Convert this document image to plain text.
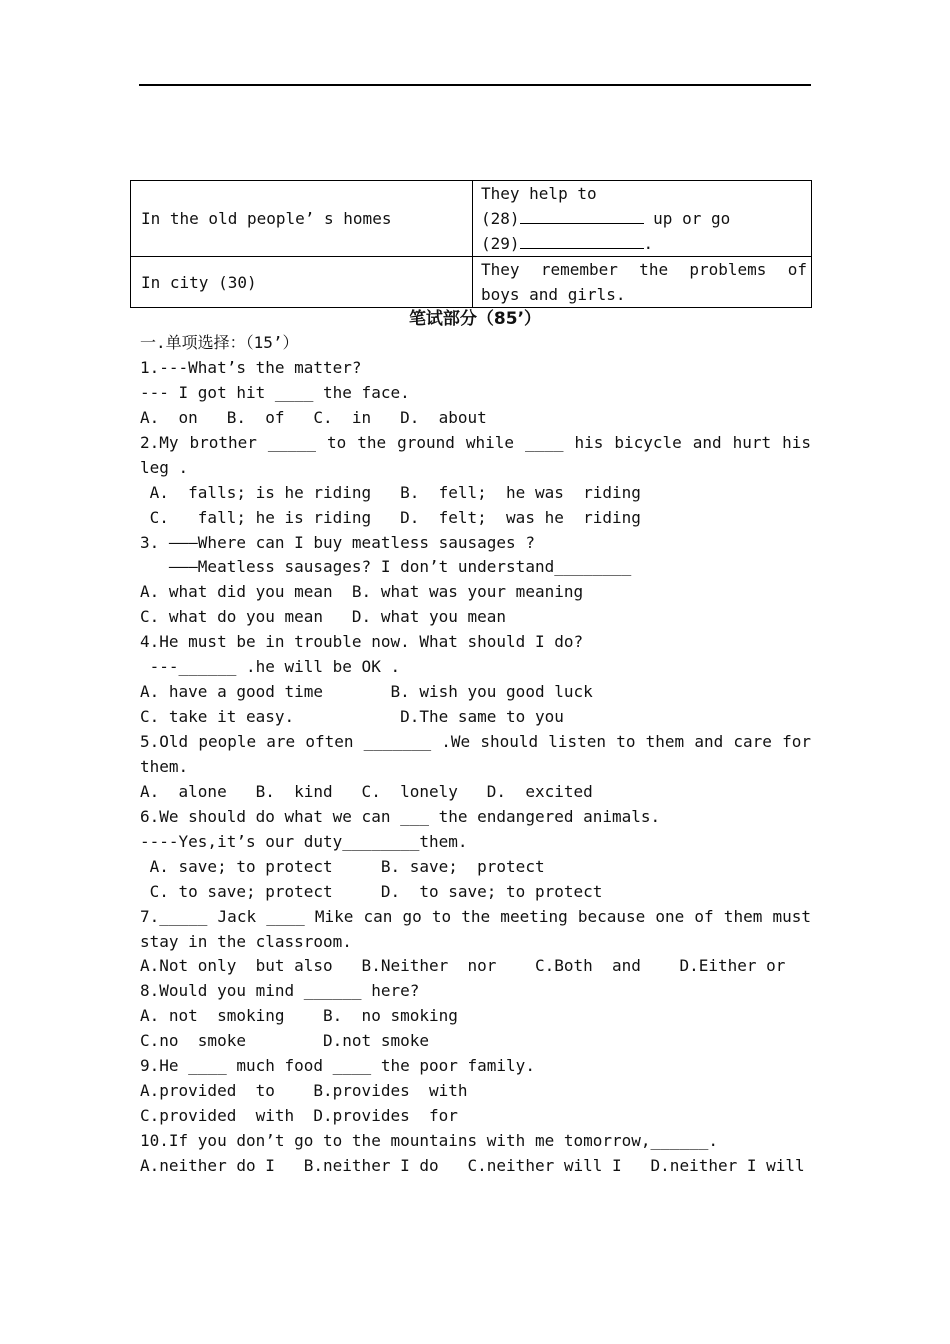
In the old people’ s homes	They help to
(28) up or go
(29) .

In city (30)	They remember the problems of
boys and girls.
笔试部分（85’）
一.单项选择：（15’）
1.---What’s the matter?
--- I got hit ____ the face.
A.  on   B.  of   C.  in   D.  about
2.My brother _____ to the ground while ____ his bicycle and hurt his
leg .
A.  falls; is he riding   B.  fell;  he was  riding
C.   fall; he is riding   D.  felt;  was he  riding
3. ———Where can I buy meatless sausages ?
———Meatless sausages? I don’t understand________
A. what did you mean  B. what was your meaning
C. what do you mean   D. what you mean
4.He must be in trouble now. What should I do?
---______ .he will be OK .
A. have a good time       B. wish you good luck
C. take it easy.           D.The same to you
5.Old people are often _______ .We should listen to them and care for
them.
A.  alone   B.  kind   C.  lonely   D.  excited
6.We should do what we can ___ the endangered animals.
----Yes,it’s our duty________them.
A. save; to protect     B. save;  protect
C. to save; protect     D.  to save; to protect
7._____ Jack ____ Mike can go to the meeting because one of them must
stay in the classroom.
A.Not only  but also   B.Neither  nor    C.Both  and    D.Either or
8.Would you mind ______ here?
A. not  smoking    B.  no smoking
C.no  smoke        D.not smoke
9.He ____ much food ____ the poor family.
A.provided  to    B.provides  with
C.provided  with  D.provides  for
10.If you don’t go to the mountains with me tomorrow,______.
A.neither do I   B.neither I do   C.neither will I   D.neither I will
